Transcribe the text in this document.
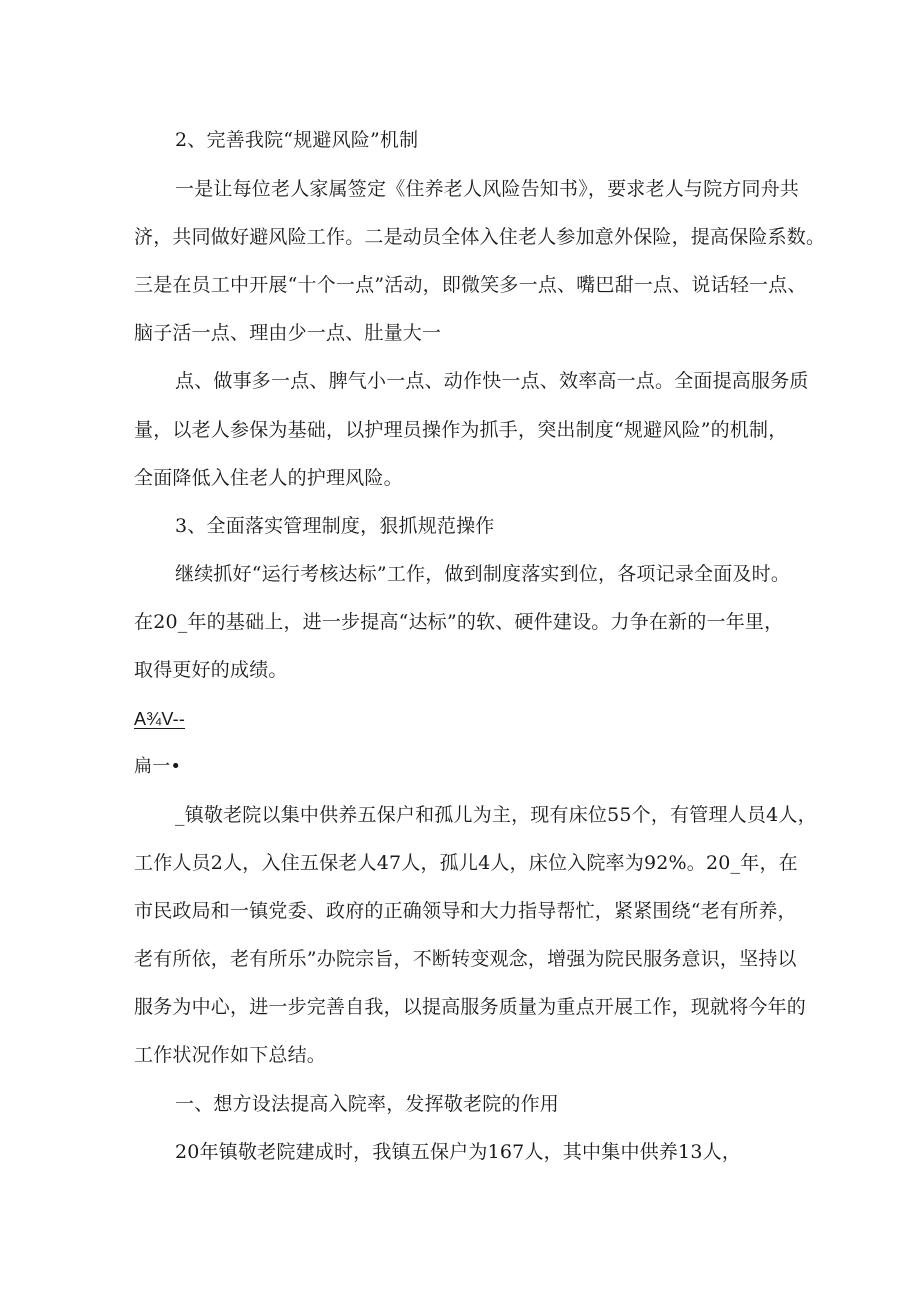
2、完善我院“规避风险”机制
一是让每位老人家属签定《住养老人风险告知书》，要求老人与院方同舟共
济，共同做好避风险工作。二是动员全体入住老人参加意外保险，提高保险系数。
三是在员工中开展“十个一点”活动，即微笑多一点、嘴巴甜一点、说话轻一点、
脑子活一点、理由少一点、肚量大一
点、做事多一点、脾气小一点、动作快一点、效率高一点。全面提高服务质
量，以老人参保为基础，以护理员操作为抓手，突出制度“规避风险”的机制，
全面降低入住老人的护理风险。
3、全面落实管理制度，狠抓规范操作
继续抓好“运行考核达标”工作，做到制度落实到位，各项记录全面及时。
在20_年的基础上，进一步提高“达标”的软、硬件建设。力争在新的一年里，
取得更好的成绩。
A¾V--
扁一•
_镇敬老院以集中供养五保户和孤儿为主，现有床位55个，有管理人员4人，
工作人员2人，入住五保老人47人，孤儿4人，床位入院率为92%。20_年，在
市民政局和一镇党委、政府的正确领导和大力指导帮忙，紧紧围绕“老有所养，
老有所依，老有所乐”办院宗旨，不断转变观念，增强为院民服务意识，坚持以
服务为中心，进一步完善自我，以提高服务质量为重点开展工作，现就将今年的
工作状况作如下总结。
一、想方设法提高入院率，发挥敬老院的作用
20年镇敬老院建成时，我镇五保户为167人，其中集中供养13人，
